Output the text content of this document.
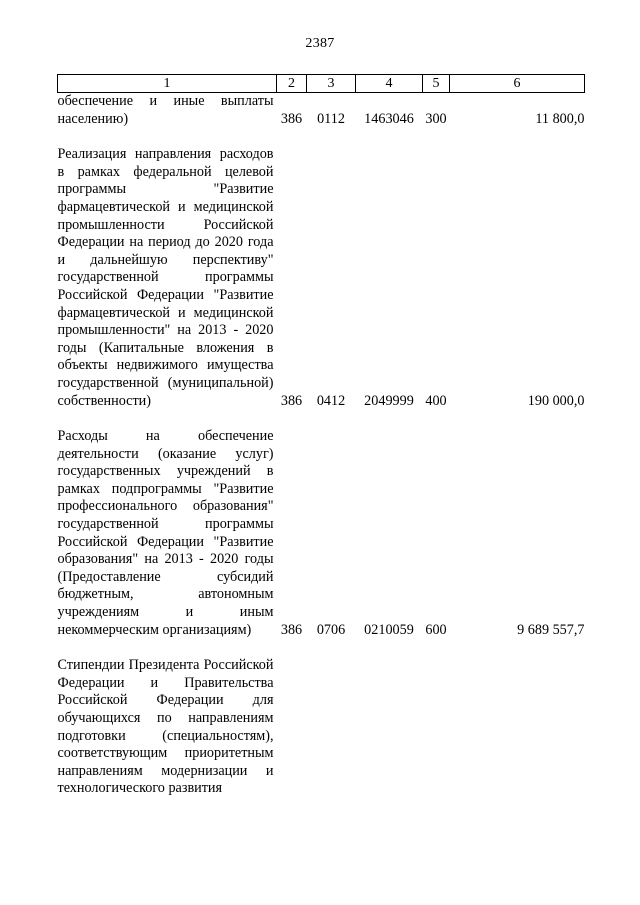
2387
1	2	3	4	5	6
обеспечение и иные выплаты населению)	386	0112	1463046	300	11 800,0

Реализация направления расходов в рамках федеральной целевой программы "Развитие фармацевтической и медицинской промышленности Российской Федерации на период до 2020 года и дальнейшую перспективу" государственной программы Российской Федерации "Развитие фармацевтической и медицинской промышленности" на 2013 - 2020 годы (Капитальные вложения в объекты недвижимого имущества государственной (муниципальной) собственности)	386	0412	2049999	400	190 000,0

Расходы на обеспечение деятельности (оказание услуг) государственных учреждений в рамках подпрограммы "Развитие профессионального образования" государственной программы Российской Федерации "Развитие образования" на 2013 - 2020 годы (Предоставление субсидий бюджетным, автономным учреждениям и иным некоммерческим организациям)	386	0706	0210059	600	9 689 557,7

Стипендии Президента Российской Федерации и Правительства Российской Федерации для обучающихся по направлениям подготовки (специальностям), соответствующим приоритетным направлениям модернизации и технологического развития					
